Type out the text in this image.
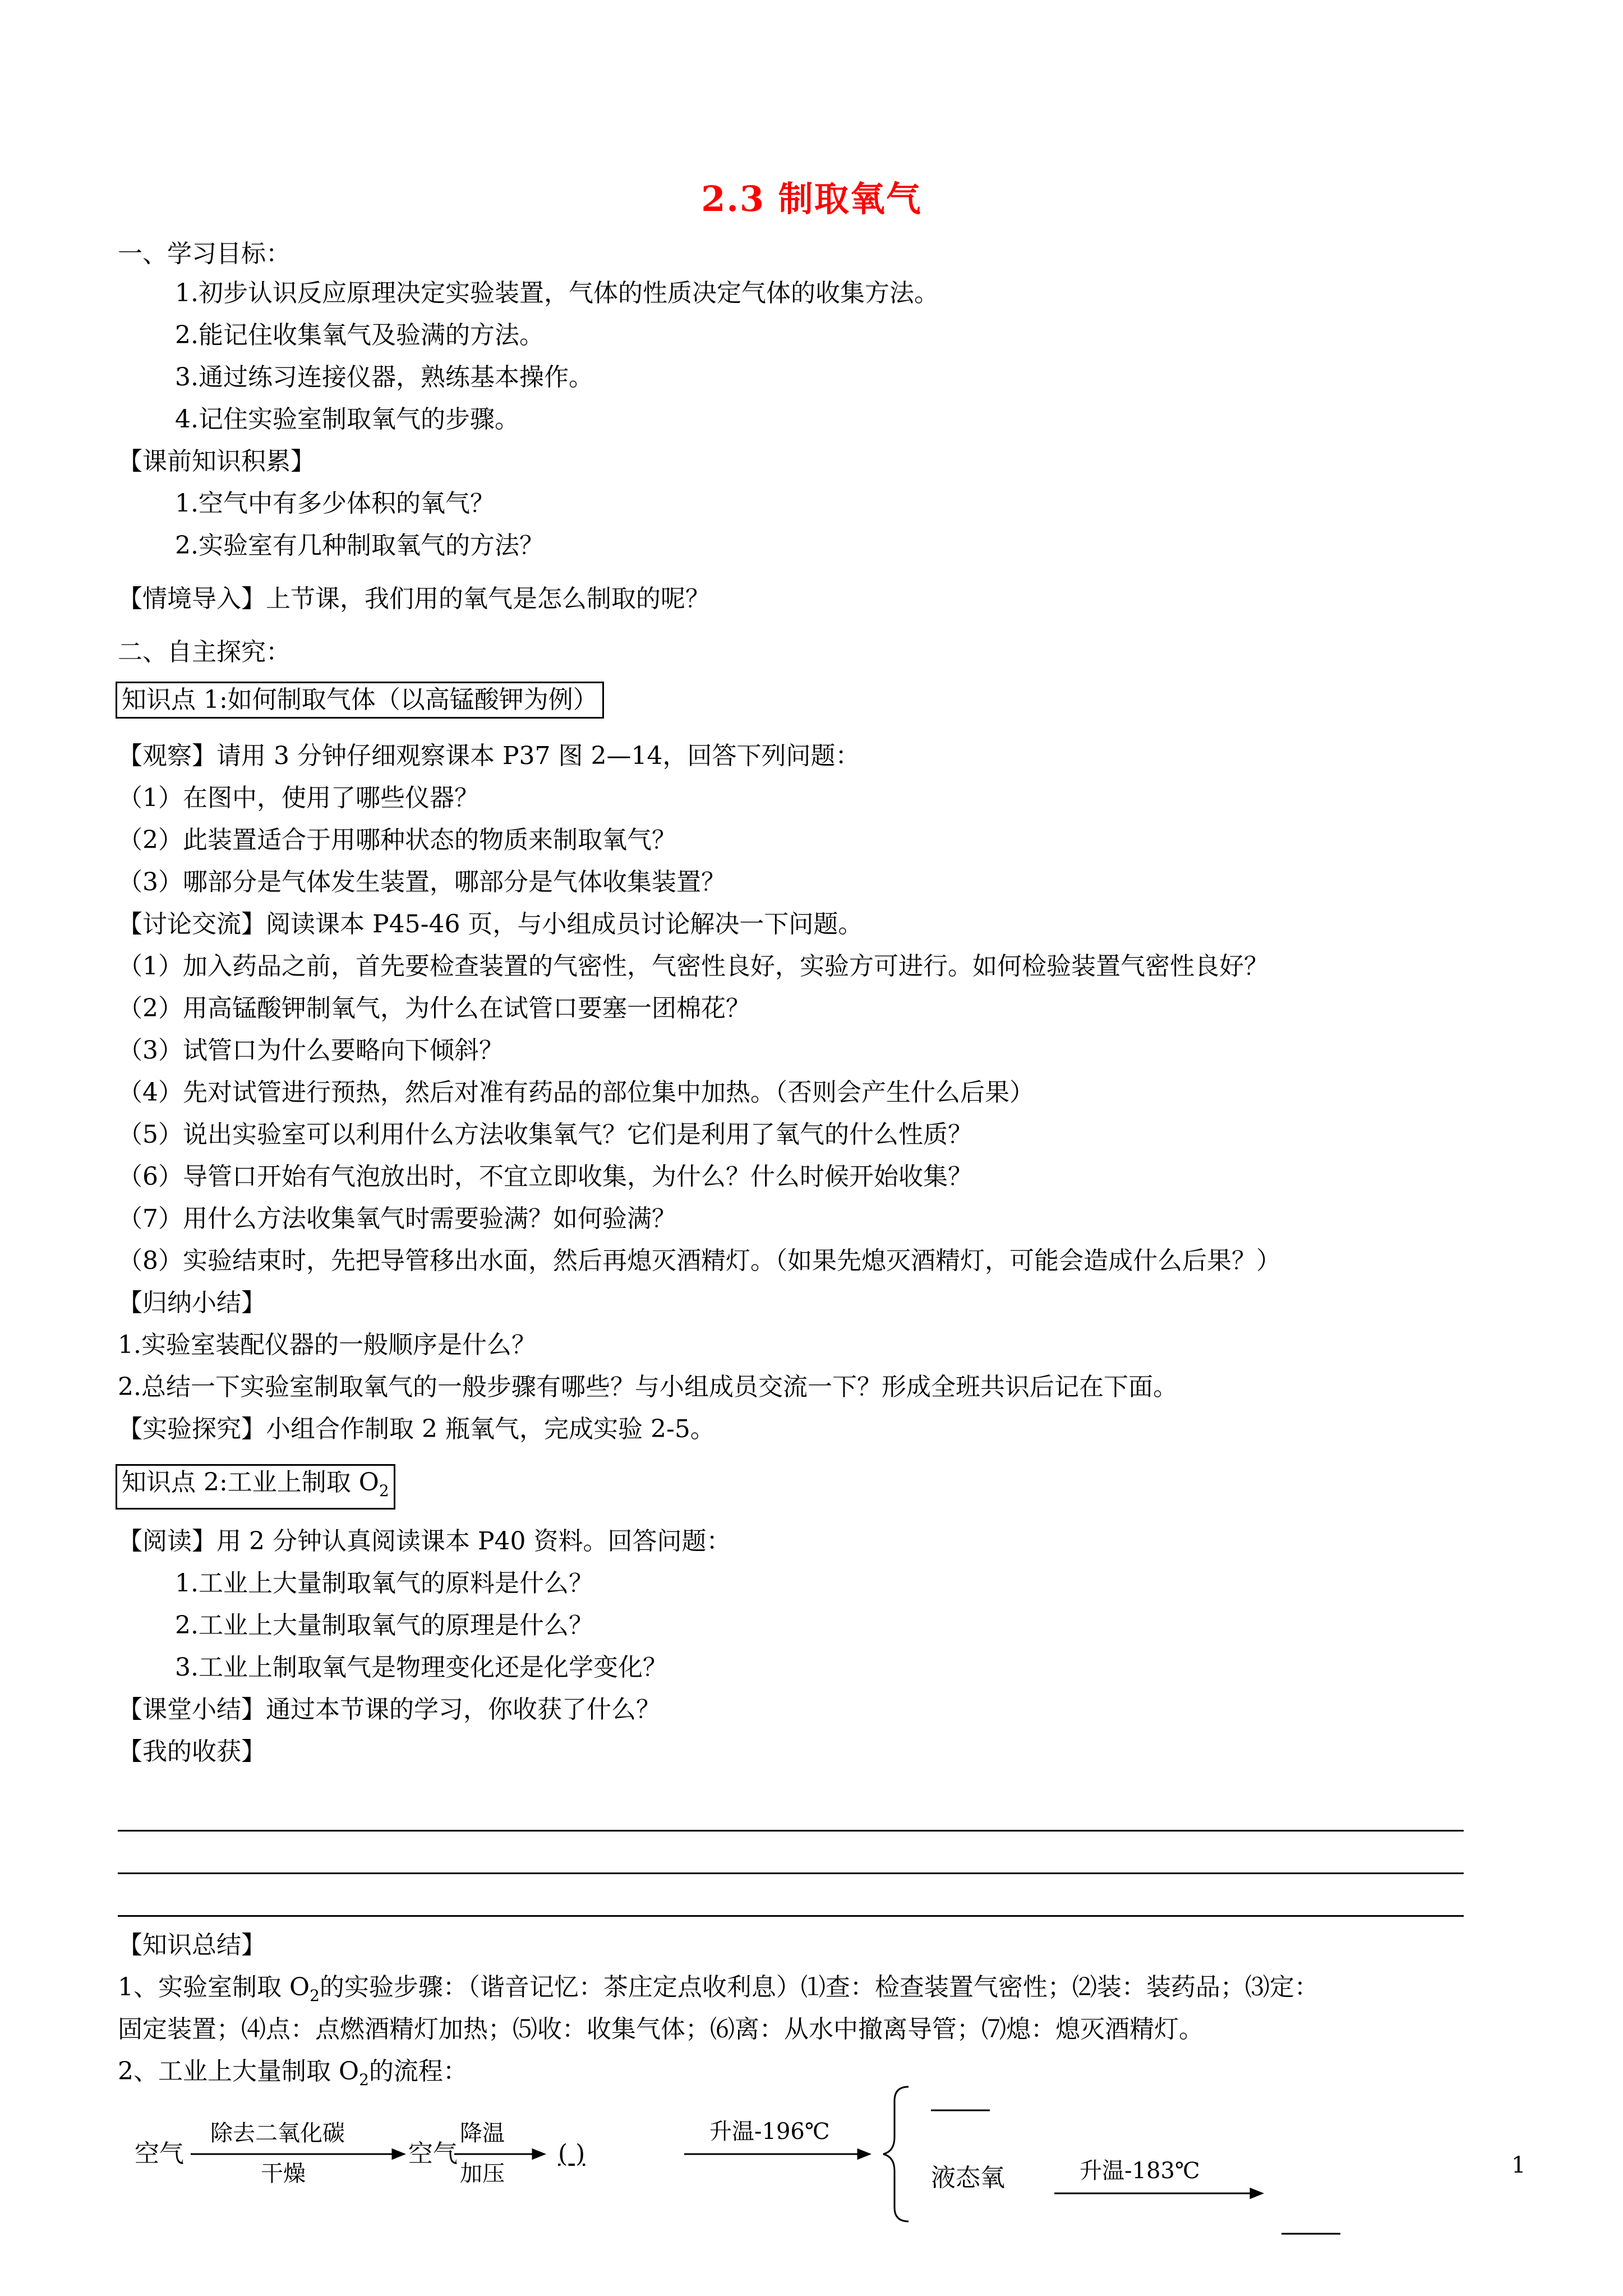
2.3 制取氧气
一、学习目标：
1.初步认识反应原理决定实验装置，气体的性质决定气体的收集方法。
2.能记住收集氧气及验满的方法。
3.通过练习连接仪器，熟练基本操作。
4.记住实验室制取氧气的步骤。
【课前知识积累】
1.空气中有多少体积的氧气？
2.实验室有几种制取氧气的方法？
【情境导入】上节课，我们用的氧气是怎么制取的呢？
二、自主探究：
知识点 1:如何制取气体（以高锰酸钾为例）
【观察】请用 3 分钟仔细观察课本 P37 图 2—14，回答下列问题：
（1）在图中，使用了哪些仪器？
（2）此装置适合于用哪种状态的物质来制取氧气？
（3）哪部分是气体发生装置，哪部分是气体收集装置？
【讨论交流】阅读课本 P45-46 页，与小组成员讨论解决一下问题。
（1）加入药品之前，首先要检查装置的气密性，气密性良好，实验方可进行。如何检验装置气密性良好？
（2）用高锰酸钾制氧气，为什么在试管口要塞一团棉花？
（3）试管口为什么要略向下倾斜？
（4）先对试管进行预热，然后对准有药品的部位集中加热。（否则会产生什么后果）
（5）说出实验室可以利用什么方法收集氧气？它们是利用了氧气的什么性质？
（6）导管口开始有气泡放出时，不宜立即收集，为什么？什么时候开始收集？
（7）用什么方法收集氧气时需要验满？如何验满？
（8）实验结束时，先把导管移出水面，然后再熄灭酒精灯。（如果先熄灭酒精灯，可能会造成什么后果？）
【归纳小结】
1.实验室装配仪器的一般顺序是什么？
2.总结一下实验室制取氧气的一般步骤有哪些？与小组成员交流一下？形成全班共识后记在下面。
【实验探究】小组合作制取 2 瓶氧气，完成实验 2-5。
知识点 2:工业上制取 $O_2$
【阅读】用 2 分钟认真阅读课本 P40 资料。回答问题：
1.工业上大量制取氧气的原料是什么？
2.工业上大量制取氧气的原理是什么？
3.工业上制取氧气是物理变化还是化学变化？
【课堂小结】通过本节课的学习，你收获了什么？
【我的收获】
【知识总结】
1、实验室制取 $O_2$的实验步骤：（谐音记忆：茶庄定点收利息）⑴查：检查装置气密性；⑵装：装药品；⑶定：
固定装置；⑷点：点燃酒精灯加热；⑸收：收集气体；⑹离：从水中撤离导管；⑺熄：熄灭酒精灯。
2、工业上大量制取 $O_2$的流程：
空气
除去二氧化碳
干燥
空气
降温
加压
( )
升温-196℃
液态氧	升温-183℃	1
